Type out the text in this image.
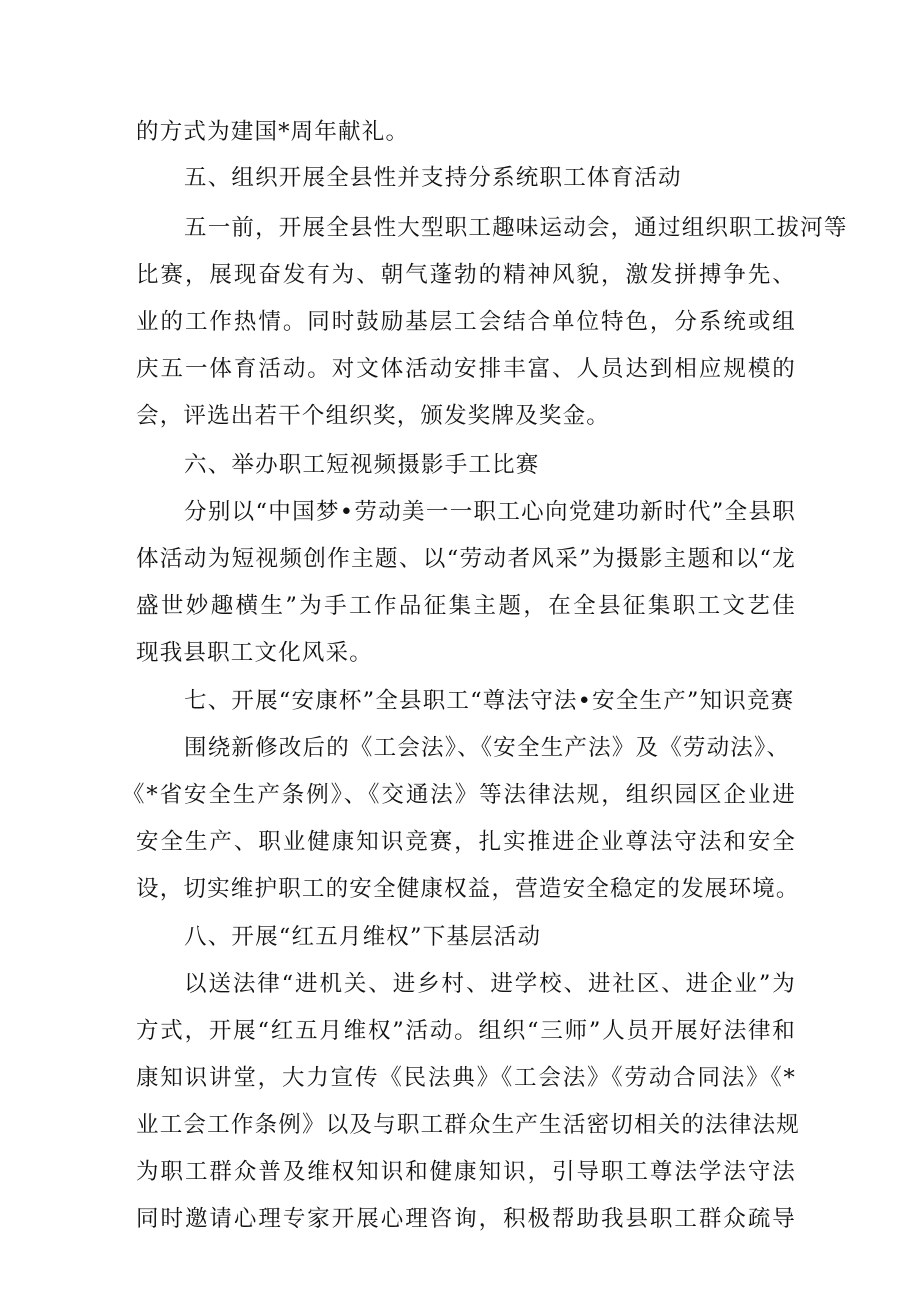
的方式为建国*周年献礼。
五、组织开展全县性并支持分系统职工体育活动
五一前，开展全县性大型职工趣味运动会，通过组织职工拔河等
比赛，展现奋发有为、朝气蓬勃的精神风貌，激发拼搏争先、
业的工作热情。同时鼓励基层工会结合单位特色，分系统或组
庆五一体育活动。对文体活动安排丰富、人员达到相应规模的
会，评选出若干个组织奖，颁发奖牌及奖金。
六、举办职工短视频摄影手工比赛
分别以“中国梦•劳动美一一职工心向党建功新时代”全县职
体活动为短视频创作主题、以“劳动者风采”为摄影主题和以“龙
盛世妙趣横生”为手工作品征集主题，在全县征集职工文艺佳
现我县职工文化风采。
七、开展“安康杯”全县职工“尊法守法•安全生产”知识竞赛
围绕新修改后的《工会法》、《安全生产法》及《劳动法》、
《*省安全生产条例》、《交通法》等法律法规，组织园区企业进
安全生产、职业健康知识竞赛，扎实推进企业尊法守法和安全
设，切实维护职工的安全健康权益，营造安全稳定的发展环境。
八、开展“红五月维权”下基层活动
以送法律“进机关、进乡村、进学校、进社区、进企业”为
方式，开展“红五月维权”活动。组织“三师”人员开展好法律和
康知识讲堂，大力宣传《民法典》《工会法》《劳动合同法》《*
业工会工作条例》以及与职工群众生产生活密切相关的法律法规
为职工群众普及维权知识和健康知识，引导职工尊法学法守法
同时邀请心理专家开展心理咨询，积极帮助我县职工群众疏导
